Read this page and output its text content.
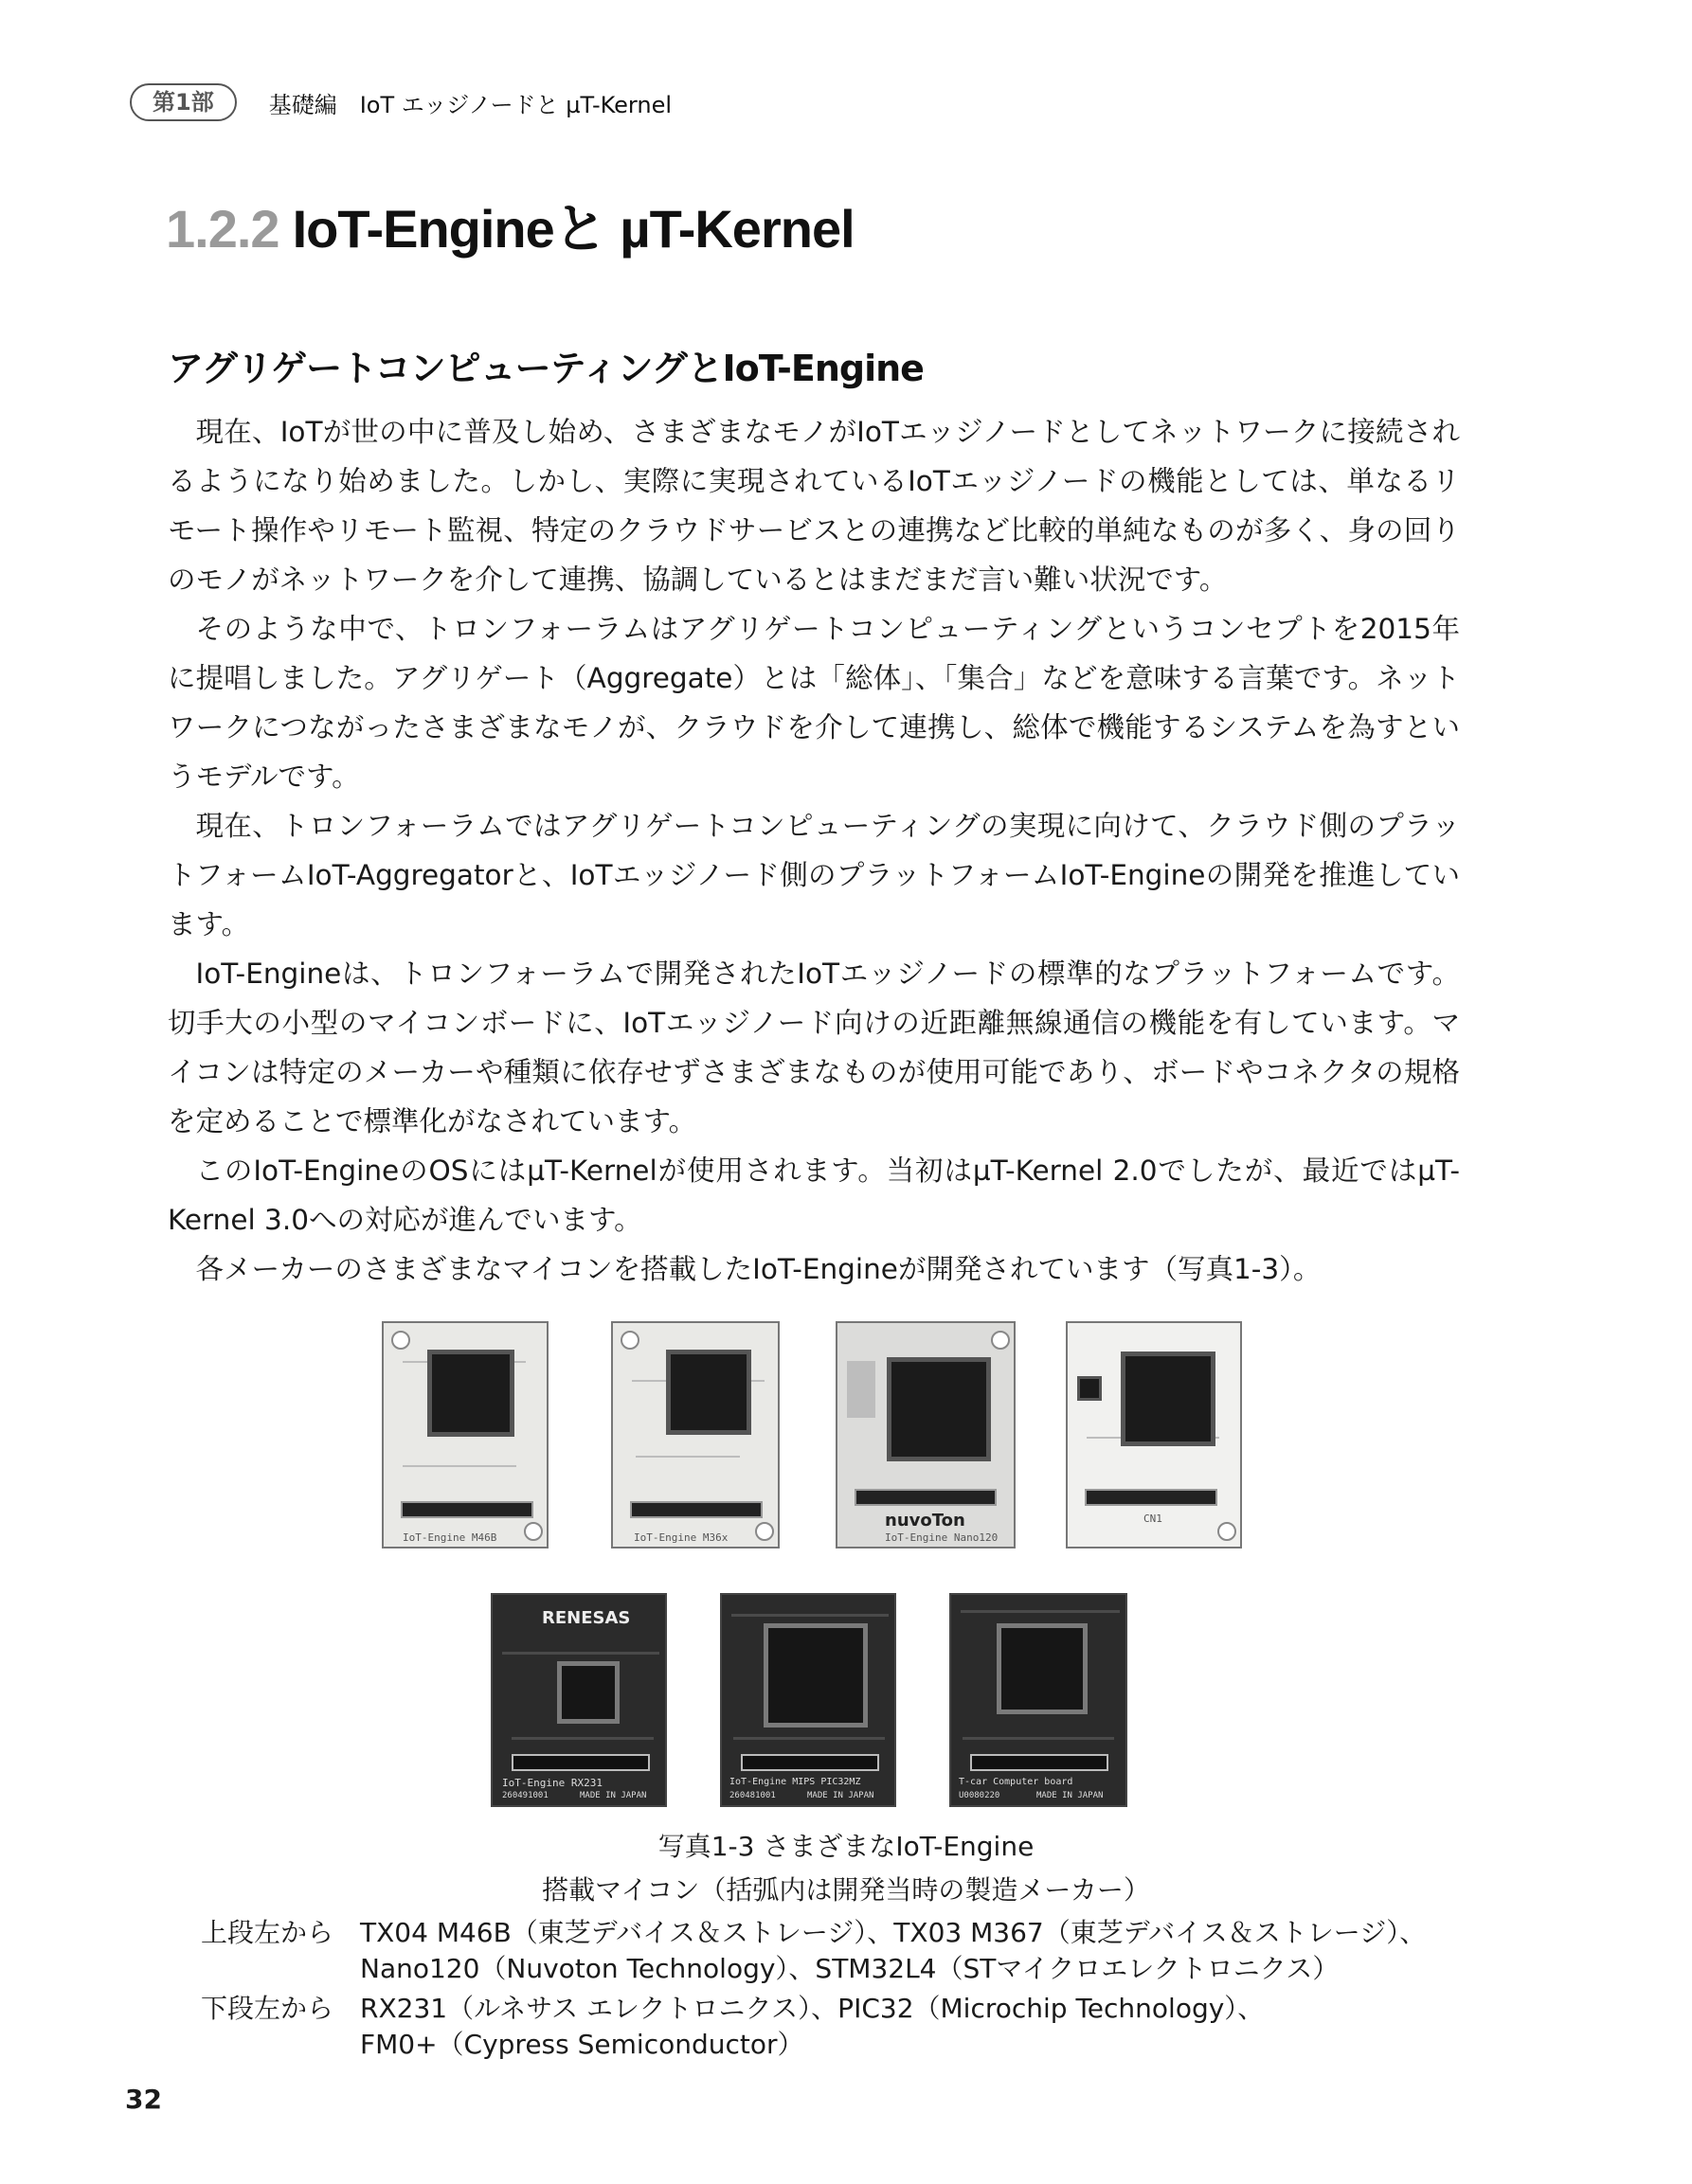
第1部	基礎編　IoT エッジノードと µT-Kernel
1.2.2 IoT-Engineと µT-Kernel
アグリゲートコンピューティングとIoT-Engine

現在、IoTが世の中に普及し始め、さまざまなモノがIoTエッジノードとしてネットワークに接続されるようになり始めました。しかし、実際に実現されているIoTエッジノードの機能としては、単なるリモート操作やリモート監視、特定のクラウドサービスとの連携など比較的単純なものが多く、身の回りのモノがネットワークを介して連携、協調しているとはまだまだ言い難い状況です。

そのような中で、トロンフォーラムはアグリゲートコンピューティングというコンセプトを2015年に提唱しました。アグリゲート（Aggregate）とは「総体」、「集合」などを意味する言葉です。ネットワークにつながったさまざまなモノが、クラウドを介して連携し、総体で機能するシステムを為すというモデルです。

現在、トロンフォーラムではアグリゲートコンピューティングの実現に向けて、クラウド側のプラットフォームIoT-Aggregatorと、IoTエッジノード側のプラットフォームIoT-Engineの開発を推進しています。

IoT-Engineは、トロンフォーラムで開発されたIoTエッジノードの標準的なプラットフォームです。切手大の小型のマイコンボードに、IoTエッジノード向けの近距離無線通信の機能を有しています。マイコンは特定のメーカーや種類に依存せずさまざまなものが使用可能であり、ボードやコネクタの規格を定めることで標準化がなされています。

このIoT-EngineのOSにはµT-Kernelが使用されます。当初はµT-Kernel 2.0でしたが、最近ではµT-Kernel 3.0への対応が進んでいます。

各メーカーのさまざまなマイコンを搭載したIoT-Engineが開発されています（写真1-3）。

IoT-Engine M46B	IoT-Engine M36x
nuvoTon
IoT-Engine Nano120
CN1
RENESAS
IoT-Engine RX231
260491001	MADE IN JAPAN
IoT-Engine MIPS PIC32MZ
260481001	MADE IN JAPAN
T-car Computer board
U0080220	MADE IN JAPAN
写真1-3 さまざまなIoT-Engine
搭載マイコン（括弧内は開発当時の製造メーカー）
上段左から TX04 M46B（東芝デバイス＆ストレージ）、TX03 M367（東芝デバイス＆ストレージ）、
Nano120（Nuvoton Technology）、STM32L4（STマイクロエレクトロニクス）
下段左から RX231（ルネサス エレクトロニクス）、PIC32（Microchip Technology）、
FM0+（Cypress Semiconductor）
32
